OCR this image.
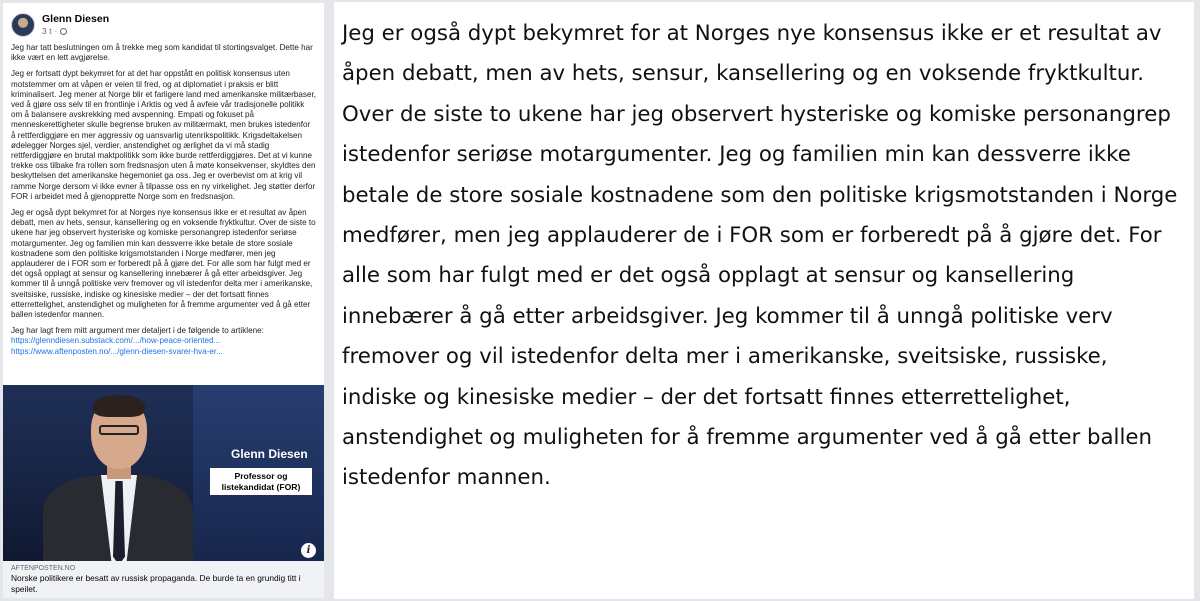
Glenn Diesen
3 t ·

Jeg har tatt beslutningen om å trekke meg som kandidat til stortingsvalget. Dette har ikke vært en lett avgjørelse.

Jeg er fortsatt dypt bekymret for at det har oppstått en politisk konsensus uten motstemmer om at våpen er veien til fred, og at diplomatiet i praksis er blitt kriminalisert. Jeg mener at Norge blir et farligere land med amerikanske militærbaser, ved å gjøre oss selv til en frontlinje i Arktis og ved å avfeie vår tradisjonelle politikk om å balansere avskrekking med avspenning. Empati og fokuset på menneskerettigheter skulle begrense bruken av militærmakt, men brukes istedenfor å rettferdiggjøre en mer aggressiv og uansvarlig utenrikspolitikk. Krigsdeltakelsen ødelegger Norges sjel, verdier, anstendighet og ærlighet da vi må stadig rettferdiggjøre en brutal maktpolitikk som ikke burde rettferdiggjøres. Det at vi kunne trekke oss tilbake fra rollen som fredsnasjon uten å møte konsekvenser, skyldtes den beskyttelsen det amerikanske hegemoniet ga oss. Jeg er overbevist om at krig vil ramme Norge dersom vi ikke evner å tilpasse oss en ny virkelighet. Jeg støtter derfor FOR i arbeidet med å gjenopprette Norge som en fredsnasjon.

Jeg er også dypt bekymret for at Norges nye konsensus ikke er et resultat av åpen debatt, men av hets, sensur, kansellering og en voksende fryktkultur. Over de siste to ukene har jeg observert hysteriske og komiske personangrep istedenfor seriøse motargumenter. Jeg og familien min kan dessverre ikke betale de store sosiale kostnadene som den politiske krigsmotstanden i Norge medfører, men jeg applauderer de i FOR som er forberedt på å gjøre det. For alle som har fulgt med er det også opplagt at sensur og kansellering innebærer å gå etter arbeidsgiver. Jeg kommer til å unngå politiske verv fremover og vil istedenfor delta mer i amerikanske, sveitsiske, russiske, indiske og kinesiske medier – der det fortsatt finnes etterrettelighet, anstendighet og muligheten for å fremme argumenter ved å gå etter ballen istedenfor mannen.

Jeg har lagt frem mitt argument mer detaljert i de følgende to artiklene:

https://glenndiesen.substack.com/.../how-peace-oriented...
https://www.aftenposten.no/.../glenn-diesen-svarer-hva-er...
Glenn Diesen
Professor og listekandidat (FOR)
i
AFTENPOSTEN.NO
Norske politikere er besatt av russisk propaganda. De burde ta en grundig titt i speilet.
Jeg er også dypt bekymret for at Norges nye konsensus ikke er et resultat av åpen debatt, men av hets, sensur, kansellering og en voksende fryktkultur. Over de siste to ukene har jeg observert hysteriske og komiske personangrep istedenfor seriøse motargumenter. Jeg og familien min kan dessverre ikke betale de store sosiale kostnadene som den politiske krigsmotstanden i Norge medfører, men jeg applauderer de i FOR som er forberedt på å gjøre det. For alle som har fulgt med er det også opplagt at sensur og kansellering innebærer å gå etter arbeidsgiver. Jeg kommer til å unngå politiske verv fremover og vil istedenfor delta mer i amerikanske, sveitsiske, russiske, indiske og kinesiske medier – der det fortsatt finnes etterrettelighet, anstendighet og muligheten for å fremme argumenter ved å gå etter ballen istedenfor mannen.
